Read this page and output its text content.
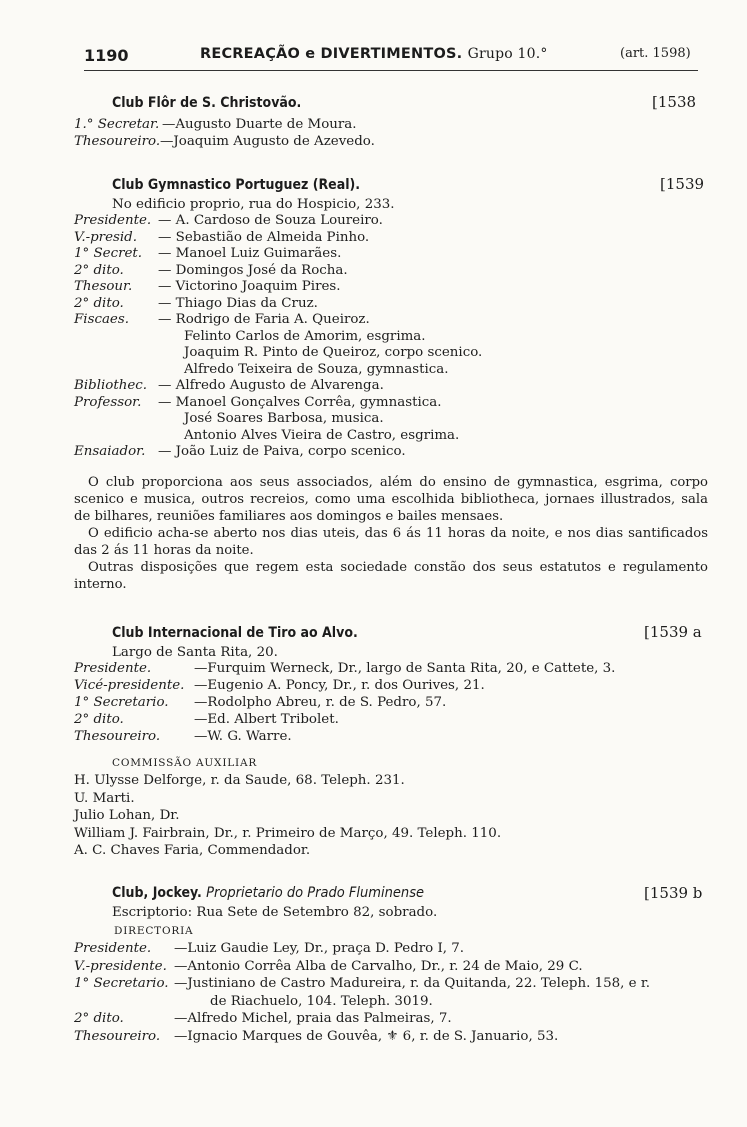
1190	RECREAÇÃO e DIVERTIMENTOS. Grupo 10.°	(art. 1598)
Club Flôr de S. Christovão.	[1538
1.° Secretar. —Augusto Duarte de Moura.
Thesoureiro. —Joaquim Augusto de Azevedo.
Club Gymnastico Portuguez (Real).	[1539
No edificio proprio, rua do Hospicio, 233.
Presidente. — A. Cardoso de Souza Loureiro.
V.-presid. — Sebastião de Almeida Pinho.
1° Secret. — Manoel Luiz Guimarães.
2° dito.	— Domingos José da Rocha.
Thesour. — Victorino Joaquim Pires.
2° dito.	— Thiago Dias da Cruz.
Fiscaes. — Rodrigo de Faria A. Queiroz.
Felinto Carlos de Amorim, esgrima.
Joaquim R. Pinto de Queiroz, corpo scenico.
Alfredo Teixeira de Souza, gymnastica.
Bibliothec. — Alfredo Augusto de Alvarenga.
Professor. — Manoel Gonçalves Corrêa, gymnastica.
José Soares Barbosa, musica.
Antonio Alves Vieira de Castro, esgrima.
Ensaiador. — João Luiz de Paiva, corpo scenico.

O club proporciona aos seus associados, além do ensino de gymnastica, esgrima, corpo scenico e musica, outros recreios, como uma escolhida bibliotheca, jornaes illustrados, sala de bilhares, reuniões familiares aos domingos e bailes mensaes.

O edificio acha-se aberto nos dias uteis, das 6 ás 11 horas da noite, e nos dias santificados das 2 ás 11 horas da noite.

Outras disposições que regem esta sociedade constão dos seus estatutos e regulamento interno.

Club Internacional de Tiro ao Alvo.	[1539 a
Largo de Santa Rita, 20.
Presidente.	—Furquim Werneck, Dr., largo de Santa Rita, 20, e Cattete, 3.
Vicé-presidente. —Eugenio A. Poncy, Dr., r. dos Ourives, 21.
1° Secretario. —Rodolpho Abreu, r. de S. Pedro, 57.
2° dito.	—Ed. Albert Tribolet.
Thesoureiro.	—W. G. Warre.
COMMISSÃO AUXILIAR
H. Ulysse Delforge, r. da Saude, 68. Teleph. 231.
U. Marti.
Julio Lohan, Dr.
William J. Fairbrain, Dr., r. Primeiro de Março, 49. Teleph. 110.
A. C. Chaves Faria, Commendador.
Club, Jockey. Proprietario do Prado Fluminense	[1539 b
Escriptorio: Rua Sete de Setembro 82, sobrado.
DIRECTORIA
Presidente. —Luiz Gaudie Ley, Dr., praça D. Pedro I, 7.
V.-presidente. —Antonio Corrêa Alba de Carvalho, Dr., r. 24 de Maio, 29 C.
1° Secretario. —Justiniano de Castro Madureira, r. da Quitanda, 22. Teleph. 158, e r.
de Riachuelo, 104. Teleph. 3019.
2° dito.	—Alfredo Michel, praia das Palmeiras, 7.
Thesoureiro. —Ignacio Marques de Gouvêa, ⚜ 6, r. de S. Januario, 53.
